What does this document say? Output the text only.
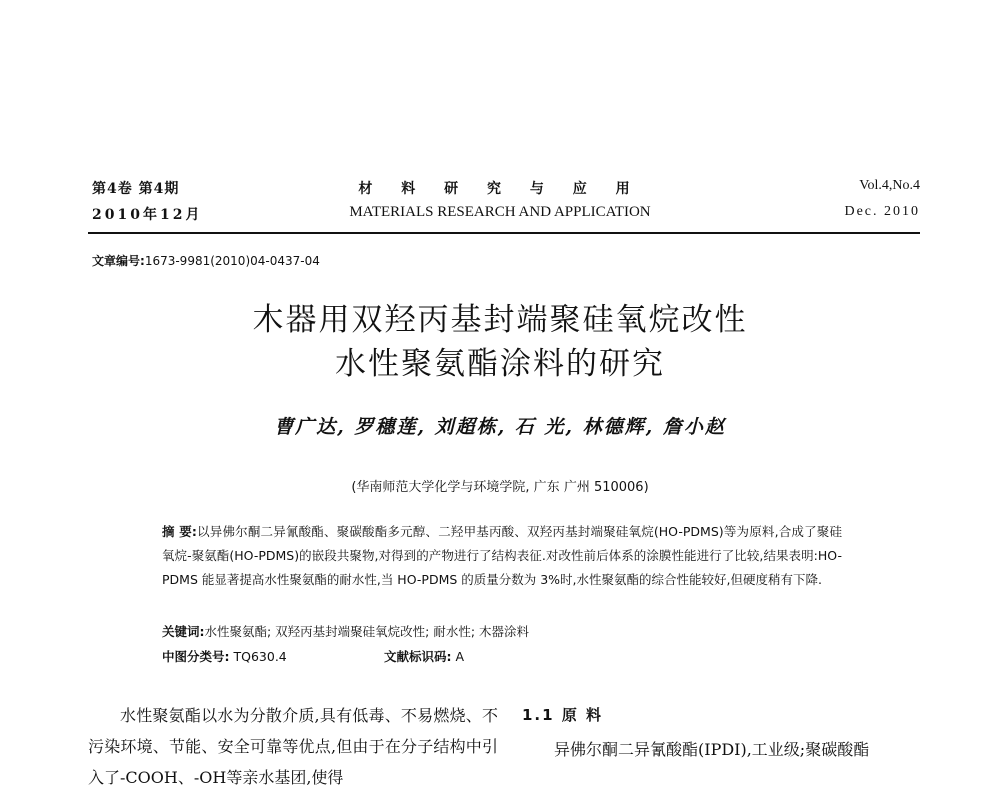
第4卷 第4期
2010年12月
材 料 研 究 与 应 用
MATERIALS RESEARCH AND APPLICATION
Vol.4,No.4
Dec. 2010
文章编号:1673-9981(2010)04-0437-04
木器用双羟丙基封端聚硅氧烷改性
水性聚氨酯涂料的研究
曹广达, 罗穗莲, 刘超栋, 石 光, 林德辉, 詹小赵
(华南师范大学化学与环境学院, 广东 广州 510006)
摘 要:以异佛尔酮二异氰酸酯、聚碳酸酯多元醇、二羟甲基丙酸、双羟丙基封端聚硅氧烷(HO-PDMS)等为原料,合成了聚硅氧烷-聚氨酯(HO-PDMS)的嵌段共聚物,对得到的产物进行了结构表征.对改性前后体系的涂膜性能进行了比较,结果表明:HO-PDMS 能显著提高水性聚氨酯的耐水性,当 HO-PDMS 的质量分数为 3%时,水性聚氨酯的综合性能较好,但硬度稍有下降.
关键词:水性聚氨酯; 双羟丙基封端聚硅氧烷改性; 耐水性; 木器涂料
中图分类号: TQ630.4	文献标识码: A
水性聚氨酯以水为分散介质,具有低毒、不易燃烧、不污染环境、节能、安全可靠等优点,但由于在分子结构中引入了-COOH、-OH等亲水基团,使得
1.1 原 料
异佛尔酮二异氰酸酯(IPDI),工业级;聚碳酸酯
